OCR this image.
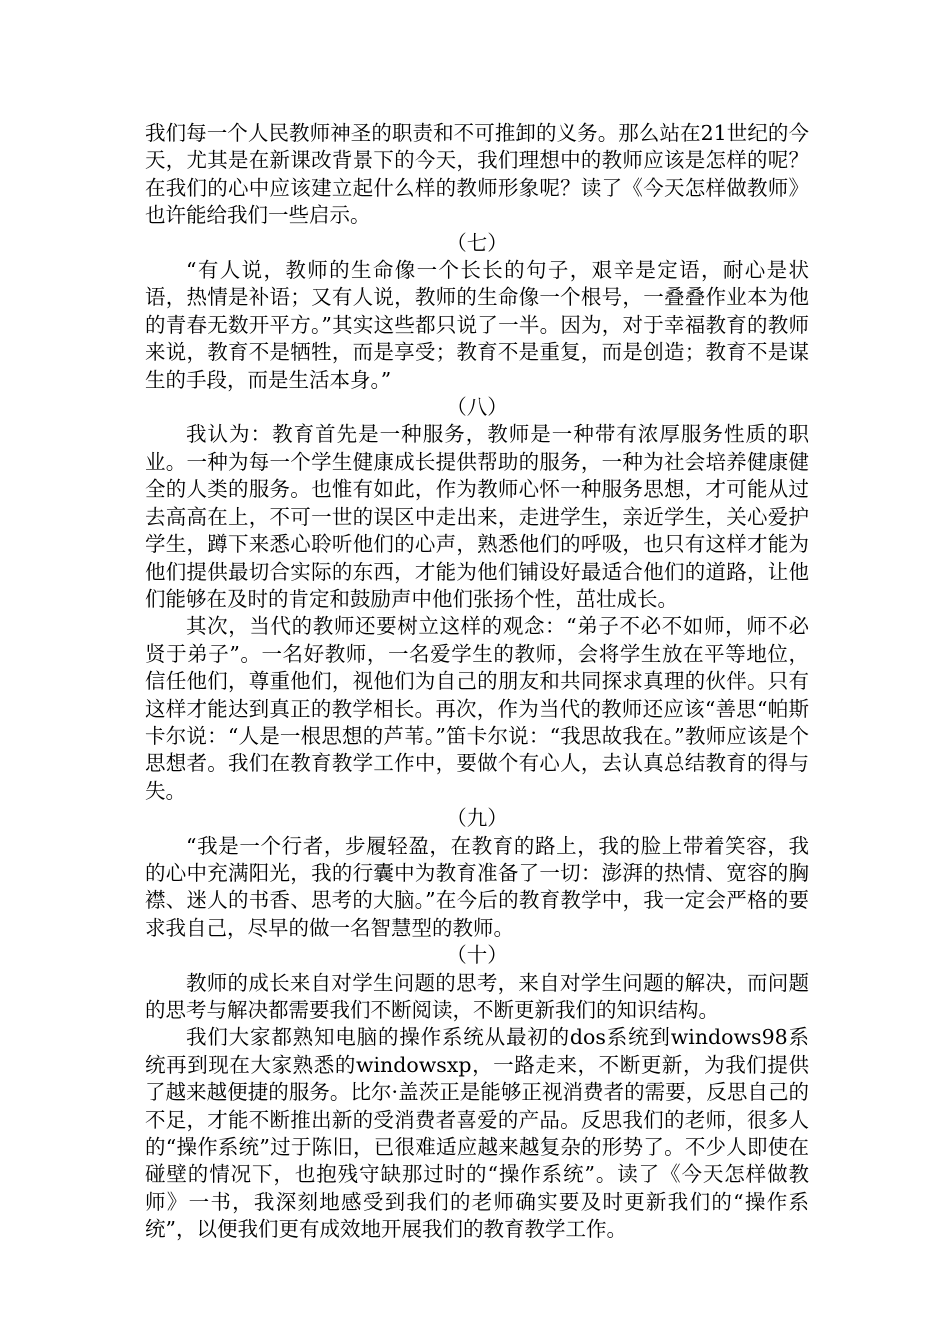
我们每一个人民教师神圣的职责和不可推卸的义务。那么站在21世纪的今天，尤其是在新课改背景下的今天，我们理想中的教师应该是怎样的呢？在我们的心中应该建立起什么样的教师形象呢？读了《今天怎样做教师》也许能给我们一些启示。

（七）

“有人说，教师的生命像一个长长的句子，艰辛是定语，耐心是状语，热情是补语；又有人说，教师的生命像一个根号，一叠叠作业本为他的青春无数开平方。”其实这些都只说了一半。因为，对于幸福教育的教师来说，教育不是牺牲，而是享受；教育不是重复，而是创造；教育不是谋生的手段，而是生活本身。”

（八）

我认为：教育首先是一种服务，教师是一种带有浓厚服务性质的职业。一种为每一个学生健康成长提供帮助的服务，一种为社会培养健康健全的人类的服务。也惟有如此，作为教师心怀一种服务思想，才可能从过去高高在上，不可一世的误区中走出来，走进学生，亲近学生，关心爱护学生，蹲下来悉心聆听他们的心声，熟悉他们的呼吸，也只有这样才能为他们提供最切合实际的东西，才能为他们铺设好最适合他们的道路，让他们能够在及时的肯定和鼓励声中他们张扬个性，茁壮成长。

其次，当代的教师还要树立这样的观念：“弟子不必不如师，师不必贤于弟子”。一名好教师，一名爱学生的教师，会将学生放在平等地位，信任他们，尊重他们，视他们为自己的朋友和共同探求真理的伙伴。只有这样才能达到真正的教学相长。再次，作为当代的教师还应该“善思“帕斯卡尔说：“人是一根思想的芦苇。”笛卡尔说：“我思故我在。”教师应该是个思想者。我们在教育教学工作中，要做个有心人，去认真总结教育的得与失。

（九）

“我是一个行者，步履轻盈，在教育的路上，我的脸上带着笑容，我的心中充满阳光，我的行囊中为教育准备了一切：澎湃的热情、宽容的胸襟、迷人的书香、思考的大脑。”在今后的教育教学中，我一定会严格的要求我自己，尽早的做一名智慧型的教师。

（十）

教师的成长来自对学生问题的思考，来自对学生问题的解决，而问题的思考与解决都需要我们不断阅读，不断更新我们的知识结构。

我们大家都熟知电脑的操作系统从最初的dos系统到windows98系统再到现在大家熟悉的windowsxp，一路走来，不断更新，为我们提供了越来越便捷的服务。比尔·盖茨正是能够正视消费者的需要，反思自己的不足，才能不断推出新的受消费者喜爱的产品。反思我们的老师，很多人的“操作系统”过于陈旧，已很难适应越来越复杂的形势了。不少人即使在碰壁的情况下，也抱残守缺那过时的“操作系统”。读了《今天怎样做教师》一书，我深刻地感受到我们的老师确实要及时更新我们的“操作系统”，以便我们更有成效地开展我们的教育教学工作。
